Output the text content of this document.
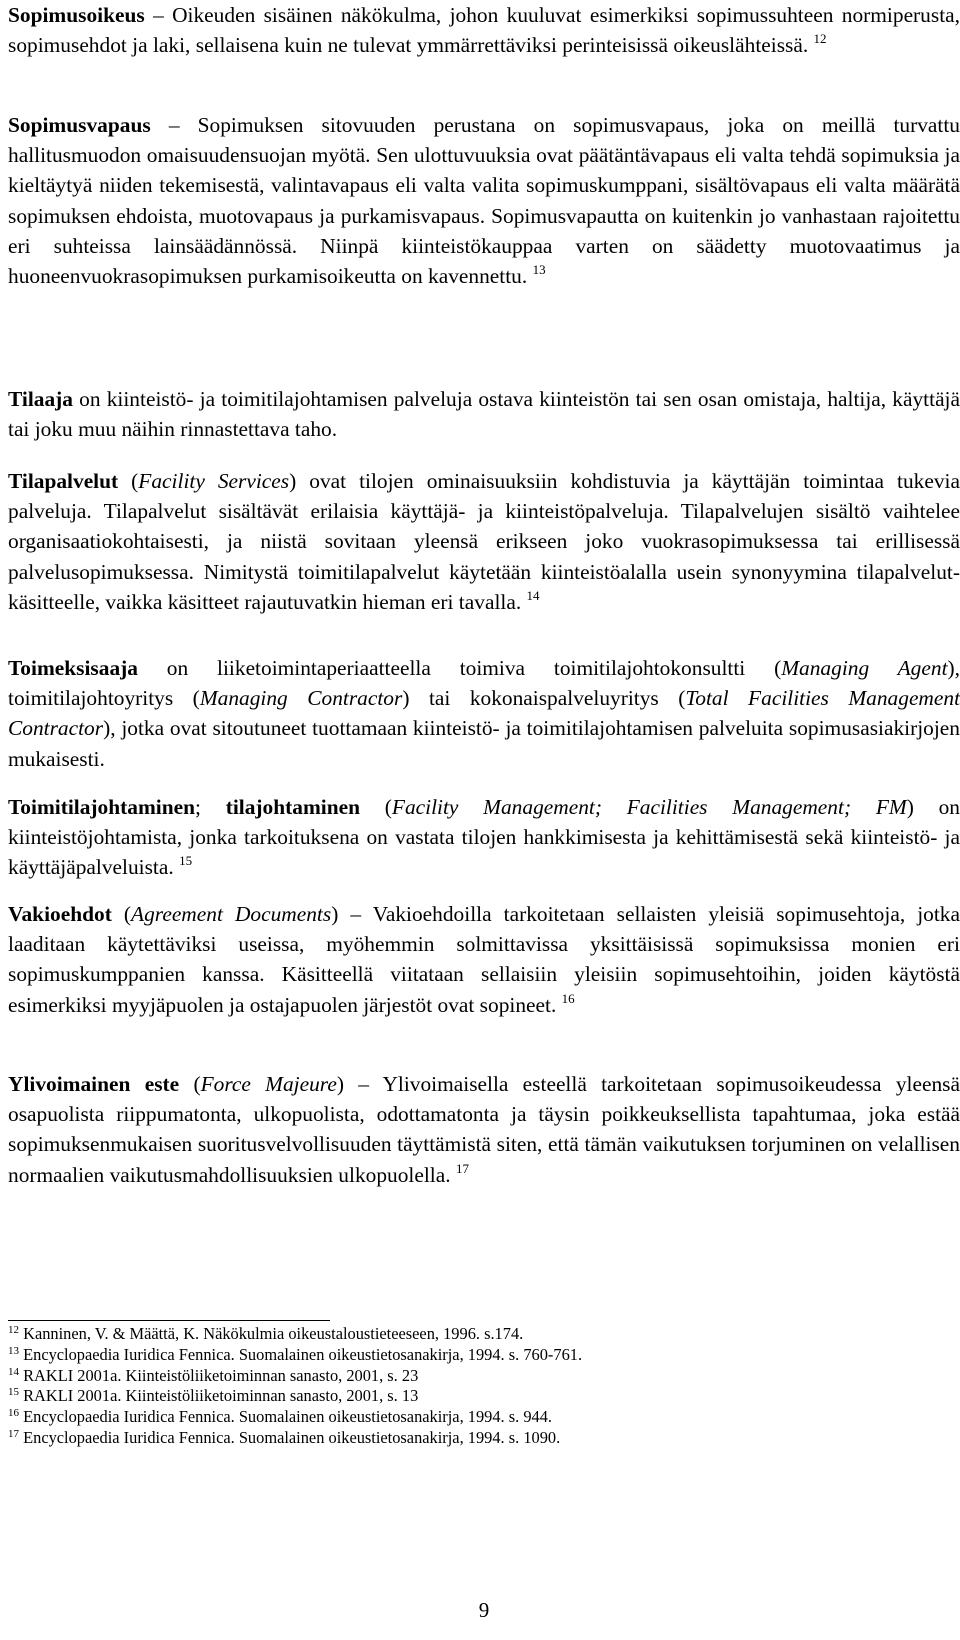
Sopimusoikeus – Oikeuden sisäinen näkökulma, johon kuuluvat esimerkiksi sopimussuhteen normiperusta, sopimusehdot ja laki, sellaisena kuin ne tulevat ymmärrettäviksi perinteisissä oikeuslähteissä. $^{12}$

Sopimusvapaus – Sopimuksen sitovuuden perustana on sopimusvapaus, joka on meillä turvattu hallitusmuodon omaisuudensuojan myötä. Sen ulottuvuuksia ovat päätäntävapaus eli valta tehdä sopimuksia ja kieltäytyä niiden tekemisestä, valintavapaus eli valta valita sopimuskumppani, sisältövapaus eli valta määrätä sopimuksen ehdoista, muotovapaus ja purkamisvapaus. Sopimusvapautta on kuitenkin jo vanhastaan rajoitettu eri suhteissa lainsäädännössä. Niinpä kiinteistökauppaa varten on säädetty muotovaatimus ja huoneenvuokrasopimuksen purkamisoikeutta on kavennettu. $^{13}$

Tilaaja on kiinteistö- ja toimitilajohtamisen palveluja ostava kiinteistön tai sen osan omistaja, haltija, käyttäjä tai joku muu näihin rinnastettava taho.

Tilapalvelut (Facility Services) ovat tilojen ominaisuuksiin kohdistuvia ja käyttäjän toimintaa tukevia palveluja. Tilapalvelut sisältävät erilaisia käyttäjä- ja kiinteistöpalveluja. Tilapalvelujen sisältö vaihtelee organisaatiokohtaisesti, ja niistä sovitaan yleensä erikseen joko vuokrasopimuksessa tai erillisessä palvelusopimuksessa. Nimitystä toimitilapalvelut käytetään kiinteistöalalla usein synonyymina tilapalvelut-käsitteelle, vaikka käsitteet rajautuvatkin hieman eri tavalla. $^{14}$

Toimeksisaaja on liiketoimintaperiaatteella toimiva toimitilajohtokonsultti (Managing Agent), toimitilajohtoyritys (Managing Contractor) tai kokonaispalveluyritys (Total Facilities Management Contractor), jotka ovat sitoutuneet tuottamaan kiinteistö- ja toimitilajohtamisen palveluita sopimusasiakirjojen mukaisesti.

Toimitilajohtaminen; tilajohtaminen (Facility Management; Facilities Management; FM) on kiinteistöjohtamista, jonka tarkoituksena on vastata tilojen hankkimisesta ja kehittämisestä sekä kiinteistö- ja käyttäjäpalveluista. $^{15}$

Vakioehdot (Agreement Documents) – Vakioehdoilla tarkoitetaan sellaisten yleisiä sopimusehtoja, jotka laaditaan käytettäviksi useissa, myöhemmin solmittavissa yksittäisissä sopimuksissa monien eri sopimuskumppanien kanssa. Käsitteellä viitataan sellaisiin yleisiin sopimusehtoihin, joiden käytöstä esimerkiksi myyjäpuolen ja ostajapuolen järjestöt ovat sopineet. $^{16}$

Ylivoimainen este (Force Majeure) – Ylivoimaisella esteellä tarkoitetaan sopimusoikeudessa yleensä osapuolista riippumatonta, ulkopuolista, odottamatonta ja täysin poikkeuksellista tapahtumaa, joka estää sopimuksenmukaisen suoritusvelvollisuuden täyttämistä siten, että tämän vaikutuksen torjuminen on velallisen normaalien vaikutusmahdollisuuksien ulkopuolella. $^{17}$

$^{12}$ Kanninen, V. & Määttä, K. Näkökulmia oikeustaloustieteeseen, 1996. s.174.

$^{13}$ Encyclopaedia Iuridica Fennica. Suomalainen oikeustietosanakirja, 1994. s. 760-761.

$^{14}$ RAKLI 2001a. Kiinteistöliiketoiminnan sanasto, 2001, s. 23

$^{15}$ RAKLI 2001a. Kiinteistöliiketoiminnan sanasto, 2001, s. 13

$^{16}$ Encyclopaedia Iuridica Fennica. Suomalainen oikeustietosanakirja, 1994. s. 944.

$^{17}$ Encyclopaedia Iuridica Fennica. Suomalainen oikeustietosanakirja, 1994. s. 1090.

9
